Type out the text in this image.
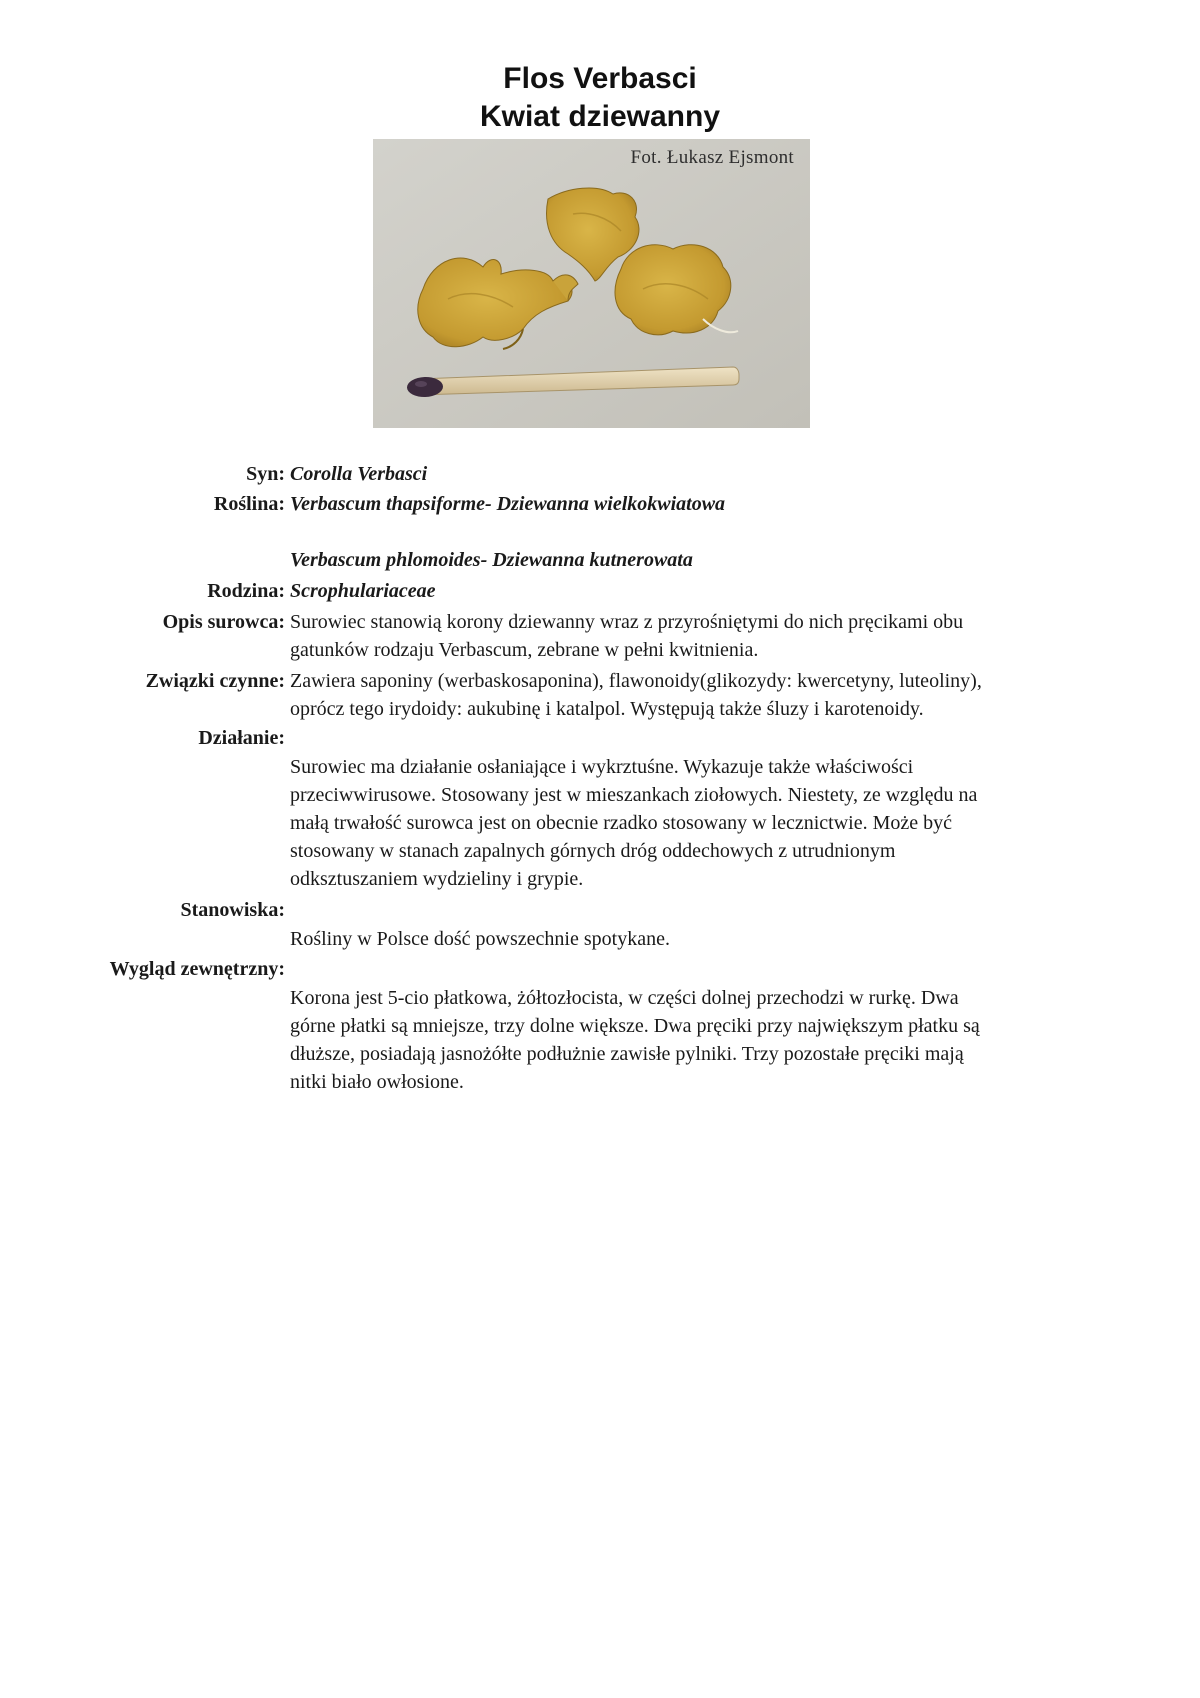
Flos Verbasci
Kwiat dziewanny
Fot. Łukasz Ejsmont
Syn: Corolla Verbasci
Roślina: Verbascum thapsiforme- Dziewanna wielkokwiatowa
Verbascum phlomoides- Dziewanna kutnerowata
Rodzina: Scrophulariaceae
Opis surowca: Surowiec stanowią korony dziewanny wraz z przyrośniętymi do nich pręcikami obu
gatunków rodzaju Verbascum, zebrane w pełni kwitnienia.
Związki czynne: Zawiera saponiny (werbaskosaponina), flawonoidy(glikozydy: kwercetyny, luteoliny),
oprócz tego irydoidy: aukubinę i katalpol. Występują także śluzy i karotenoidy.
Działanie:
Surowiec ma działanie osłaniające i wykrztuśne. Wykazuje także właściwości
przeciwwirusowe. Stosowany jest w mieszankach ziołowych. Niestety, ze względu na
małą trwałość surowca jest on obecnie rzadko stosowany w lecznictwie. Może być
stosowany w stanach zapalnych górnych dróg oddechowych z utrudnionym
odksztuszaniem wydzieliny i grypie.
Stanowiska:
Rośliny w Polsce dość powszechnie spotykane.
Wygląd zewnętrzny:
Korona jest 5-cio płatkowa, żółtozłocista, w części dolnej przechodzi w rurkę. Dwa
górne płatki są mniejsze, trzy dolne większe. Dwa pręciki przy największym płatku są
dłuższe, posiadają jasnożółte podłużnie zawisłe pylniki. Trzy pozostałe pręciki mają
nitki biało owłosione.
